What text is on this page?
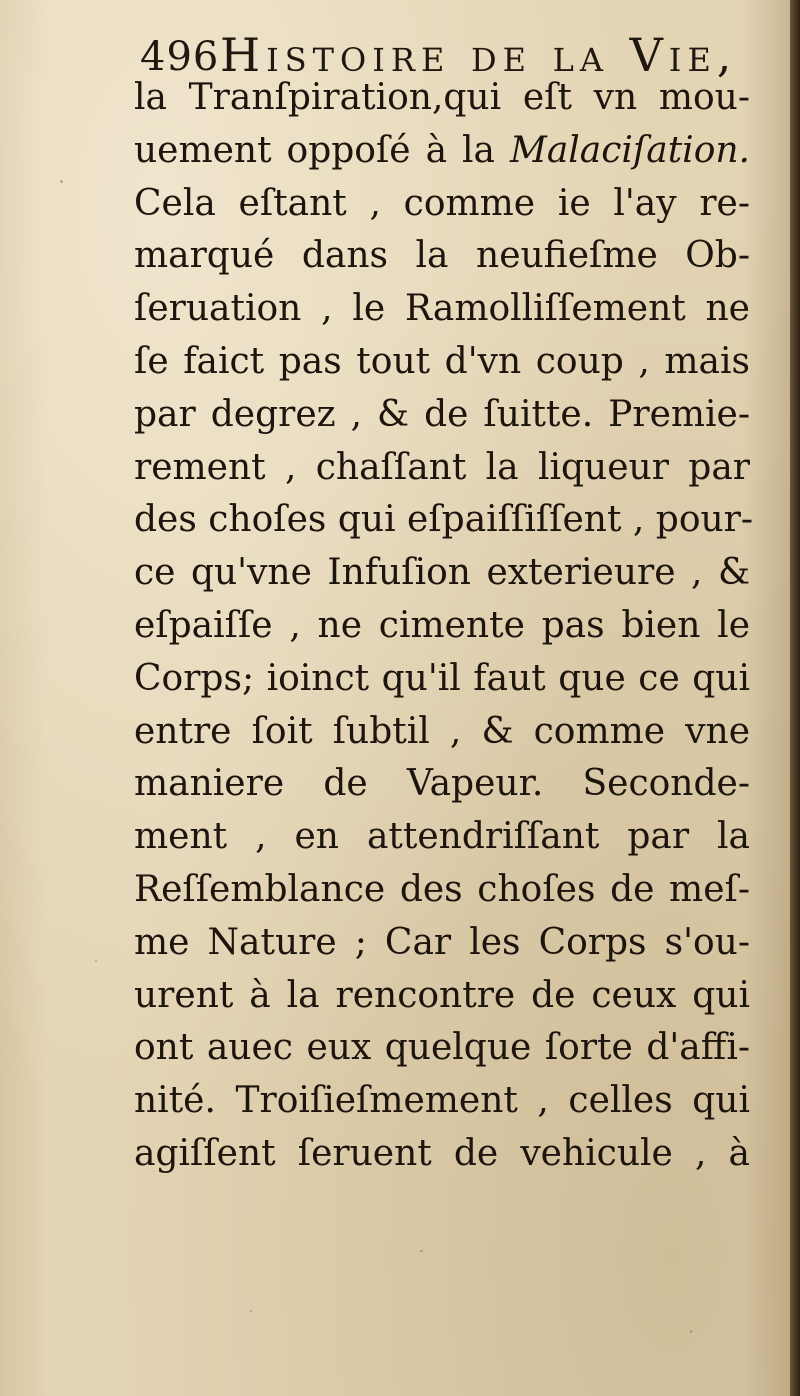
496 Histoire de la Vie,
la Tranſpiration,qui eſt vn mou-
uement oppoſé à la Malaciſation.
Cela eſtant , comme ie l'ay re-
marqué dans la neufieſme Ob-
ſeruation , le Ramolliſſement ne
ſe faict pas tout d'vn coup , mais
par degrez , & de ſuitte. Premie-
rement , chaſſant la liqueur par
des choſes qui eſpaiſſiſſent , pour-
ce qu'vne Infuſion exterieure , &
eſpaiſſe , ne cimente pas bien le
Corps; ioinct qu'il faut que ce qui
entre ſoit ſubtil , & comme vne
maniere de Vapeur. Seconde-
ment , en attendriſſant par la
Reſſemblance des choſes de meſ-
me Nature ; Car les Corps s'ou-
urent à la rencontre de ceux qui
ont auec eux quelque ſorte d'affi-
nité. Troiſieſmement , celles qui
agiſſent ſeruent de vehicule , à
